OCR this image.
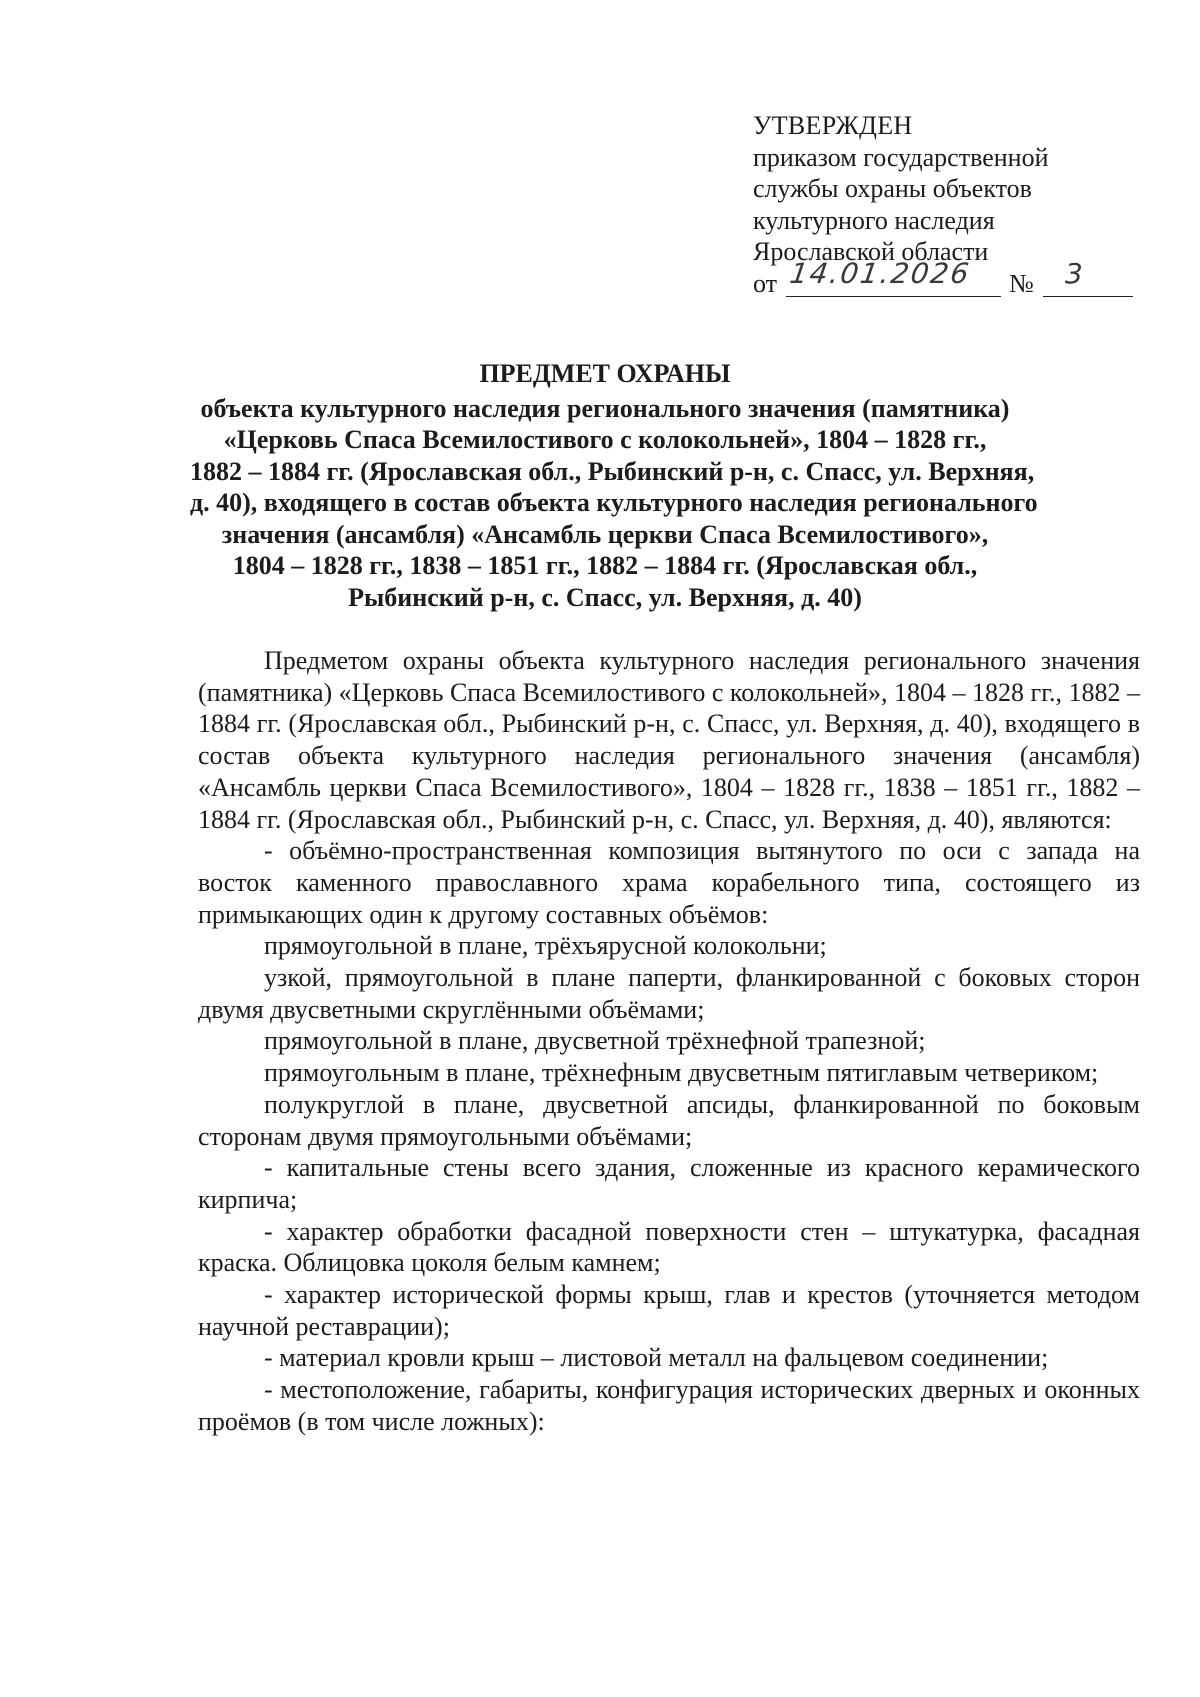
УТВЕРЖДЕН
приказом государственной
службы охраны объектов
культурного наследия
Ярославской области
от 14.01.2026 № 3
ПРЕДМЕТ ОХРАНЫ
объекта культурного наследия регионального значения (памятника)
«Церковь Спаса Всемилостивого с колокольней», 1804 – 1828 гг.,
1882 – 1884 гг. (Ярославская обл., Рыбинский р-н, с. Спасс, ул. Верхняя,
д. 40), входящего в состав объекта культурного наследия регионального
значения (ансамбля) «Ансамбль церкви Спаса Всемилостивого»,
1804 – 1828 гг., 1838 – 1851 гг., 1882 – 1884 гг. (Ярославская обл.,
Рыбинский р-н, с. Спасс, ул. Верхняя, д. 40)

Предметом охраны объекта культурного наследия регионального значения (памятника) «Церковь Спаса Всемилостивого с колокольней», 1804 – 1828 гг., 1882 – 1884 гг. (Ярославская обл., Рыбинский р-н, с. Спасс, ул. Верхняя, д. 40), входящего в состав объекта культурного наследия регионального значения (ансамбля) «Ансамбль церкви Спаса Всемилостивого», 1804 – 1828 гг., 1838 – 1851 гг., 1882 – 1884 гг. (Ярославская обл., Рыбинский р-н, с. Спасс, ул. Верхняя, д. 40), являются:

- объёмно-пространственная композиция вытянутого по оси с запада на восток каменного православного храма корабельного типа, состоящего из примыкающих один к другому составных объёмов:

прямоугольной в плане, трёхъярусной колокольни;

узкой, прямоугольной в плане паперти, фланкированной с боковых сторон двумя двусветными скруглёнными объёмами;

прямоугольной в плане, двусветной трёхнефной трапезной;

прямоугольным в плане, трёхнефным двусветным пятиглавым четвериком;

полукруглой в плане, двусветной апсиды, фланкированной по боковым сторонам двумя прямоугольными объёмами;

- капитальные стены всего здания, сложенные из красного керамического кирпича;

- характер обработки фасадной поверхности стен – штукатурка, фасадная краска. Облицовка цоколя белым камнем;

- характер исторической формы крыш, глав и крестов (уточняется методом научной реставрации);

- материал кровли крыш – листовой металл на фальцевом соединении;

- местоположение, габариты, конфигурация исторических дверных и оконных проёмов (в том числе ложных):
